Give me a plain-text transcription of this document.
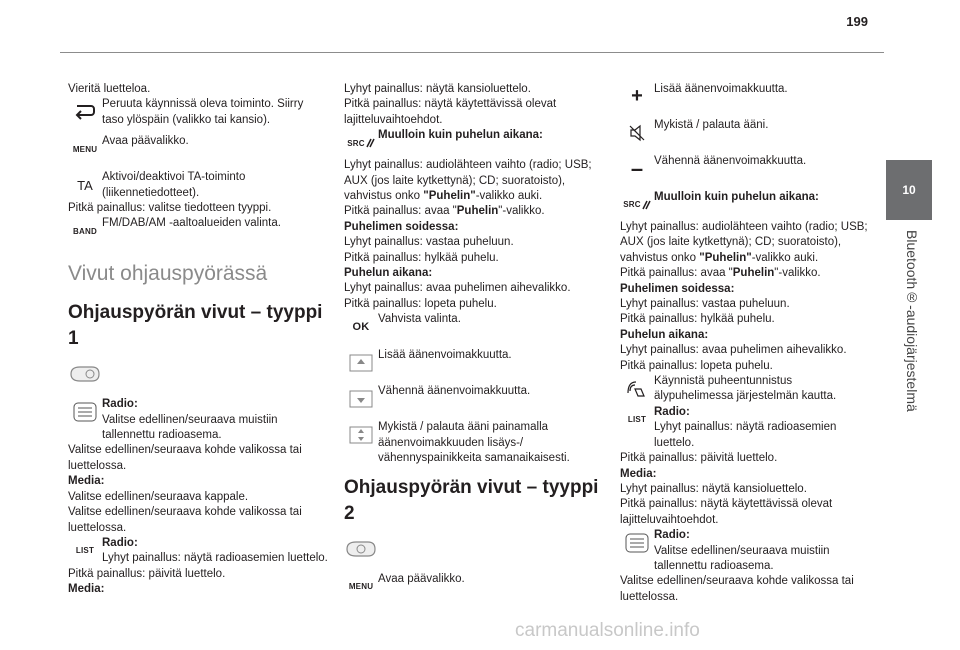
199
10
Bluetooth®-audiojärjestelmä

Vieritä luetteloa.

Peruuta käynnissä oleva toiminto. Siirry taso ylöspäin (valikko tai kansio).
MENU
Avaa päävalikko.
TA
Aktivoi/deaktivoi TA-toiminto (liikennetiedotteet).

Pitkä painallus: valitse tiedotteen tyyppi.

BAND
FM/DAB/AM -aaltoalueiden valinta.
Vivut ohjauspyörässä
Ohjauspyörän vivut – tyyppi 1

Radio:

Valitse edellinen/seuraava muistiin tallennettu radioasema.

Valitse edellinen/seuraava kohde valikossa tai luettelossa.

Media:

Valitse edellinen/seuraava kappale.

Valitse edellinen/seuraava kohde valikossa tai luettelossa.

LIST

Radio:

Lyhyt painallus: näytä radioasemien luettelo.

Pitkä painallus: päivitä luettelo.

Media:

Lyhyt painallus: näytä kansioluettelo.

Pitkä painallus: näytä käytettävissä olevat lajitteluvaihtoehdot.

SRC

Muulloin kuin puhelun aikana:

Lyhyt painallus: audiolähteen vaihto (radio; USB; AUX (jos laite kytkettynä); CD; suoratoisto), vahvistus onko "Puhelin"-valikko auki.

Pitkä painallus: avaa "Puhelin"-valikko.

Puhelimen soidessa:

Lyhyt painallus: vastaa puheluun.

Pitkä painallus: hylkää puhelu.

Puhelun aikana:

Lyhyt painallus: avaa puhelimen aihevalikko.

Pitkä painallus: lopeta puhelu.

OK
Vahvista valinta.
Lisää äänenvoimakkuutta.
Vähennä äänenvoimakkuutta.
Mykistä / palauta ääni painamalla äänenvoimakkuuden lisäys-/ vähennyspainikkeita samanaikaisesti.
Ohjauspyörän vivut – tyyppi 2
MENU
Avaa päävalikko.
+ Lisää äänenvoimakkuutta.
Mykistä / palauta ääni.
– Vähennä äänenvoimakkuutta.
SRC

Muulloin kuin puhelun aikana:

Lyhyt painallus: audiolähteen vaihto (radio; USB; AUX (jos laite kytkettynä); CD; suoratoisto), vahvistus onko "Puhelin"-valikko auki.

Pitkä painallus: avaa "Puhelin"-valikko.

Puhelimen soidessa:

Lyhyt painallus: vastaa puheluun.

Pitkä painallus: hylkää puhelu.

Puhelun aikana:

Lyhyt painallus: avaa puhelimen aihevalikko.

Pitkä painallus: lopeta puhelu.

Käynnistä puheentunnistus älypuhelimessa järjestelmän kautta.
LIST

Radio:

Lyhyt painallus: näytä radioasemien luettelo.

Pitkä painallus: päivitä luettelo.

Media:

Lyhyt painallus: näytä kansioluettelo.

Pitkä painallus: näytä käytettävissä olevat lajitteluvaihtoehdot.

Radio:

Valitse edellinen/seuraava muistiin tallennettu radioasema.

Valitse edellinen/seuraava kohde valikossa tai luettelossa.

carmanualsonline.info
